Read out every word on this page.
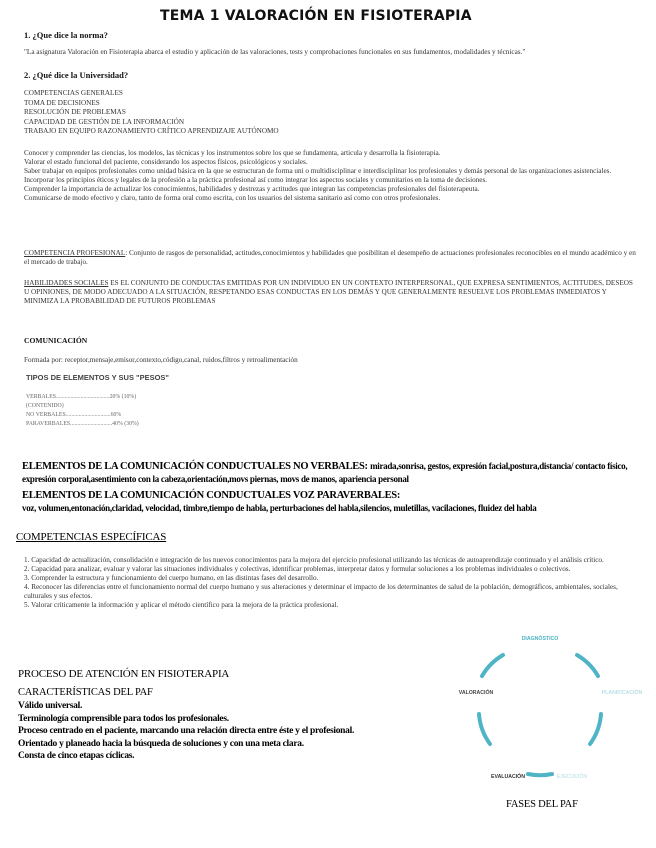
TEMA 1 VALORACIÓN EN FISIOTERAPIA
1. ¿Que dice la norma?
"La asignatura Valoración en Fisioterapia abarca el estudio y aplicación de las valoraciones, tests y comprobaciones funcionales en sus fundamentos, modalidades y técnicas."
2. ¿Qué dice la Universidad?
COMPETENCIAS GENERALES
TOMA DE DECISIONES
RESOLUCIÓN DE PROBLEMAS
CAPACIDAD DE GESTIÓN DE LA INFORMACIÓN
TRABAJO EN EQUIPO RAZONAMIENTO CRÍTICO APRENDIZAJE AUTÓNOMO

Conocer y comprender las ciencias, los modelos, las técnicas y los instrumentos sobre los que se fundamenta, articula y desarrolla la fisioterapia.

Valorar el estado funcional del paciente, considerando los aspectos físicos, psicológicos y sociales.

Saber trabajar en equipos profesionales como unidad básica en la que se estructuran de forma uni o multidisciplinar e interdisciplinar los profesionales y demás personal de las organizaciones asistenciales.

Incorporar los principios éticos y legales de la profesión a la práctica profesional así como integrar los aspectos sociales y comunitarios en la toma de decisiones.

Comprender la importancia de actualizar los conocimientos, habilidades y destrezas y actitudes que integran las competencias profesionales del fisioterapeuta.

Comunicarse de modo efectivo y claro, tanto de forma oral como escrita, con los usuarios del sistema sanitario así como con otros profesionales.

COMPETENCIA PROFESIONAL: Conjunto de rasgos de personalidad, actitudes,conocimientos y habilidades que posibilitan el desempeño de actuaciones profesionales reconocibles en el mundo académico y en el mercado de trabajo.
HABILIDADES SOCIALES ES EL CONJUNTO DE CONDUCTAS EMITIDAS POR UN INDIVIDUO EN UN CONTEXTO INTERPERSONAL, QUE EXPRESA SENTIMIENTOS, ACTITUDES, DESEOS U OPINIONES, DE MODO ADECUADO A LA SITUACIÓN, RESPETANDO ESAS CONDUCTAS EN LOS DEMÁS Y QUE GENERALMENTE RESUELVE LOS PROBLEMAS INMEDIATOS Y MINIMIZA LA PROBABILIDAD DE FUTUROS PROBLEMAS
COMUNICACIÓN
Formada por: receptor,mensaje,emisor,contexto,código,canal, ruidos,filtros y retroalimentación
TIPOS DE ELEMENTOS Y SUS "PESOS"
VERBALES.....................................20% (10%)
(CONTENIDO)
NO VERBALES...............................60%
PARAVERBALES.............................40% (30%)
ELEMENTOS DE LA COMUNICACIÓN CONDUCTUALES NO VERBALES: mirada,sonrisa, gestos, expresión facial,postura,distancia/ contacto físico, expresión corporal,asentimiento con la cabeza,orientación,movs piernas, movs de manos, apariencia personal
ELEMENTOS DE LA COMUNICACIÓN CONDUCTUALES VOZ PARAVERBALES:
voz, volumen,entonación,claridad, velocidad, timbre,tiempo de habla, perturbaciones del habla,silencios, muletillas, vacilaciones, fluidez del habla
COMPETENCIAS ESPECÍFICAS

1. Capacidad de actualización, consolidación e integración de los nuevos conocimientos para la mejora del ejercicio profesional utilizando las técnicas de autoaprendizaje continuado y el análisis crítico.

2. Capacidad para analizar, evaluar y valorar las situaciones individuales y colectivas, identificar problemas, interpretar datos y formular soluciones a los problemas individuales o colectivos.

3. Comprender la estructura y funcionamiento del cuerpo humano, en las distintas fases del desarrollo.

4. Reconocer las diferencias entre el funcionamiento normal del cuerpo humano y sus alteraciones y determinar el impacto de los determinantes de salud de la población, demográficos, ambientales, sociales, culturales y sus efectos.

5. Valorar críticamente la información y aplicar el método científico para la mejora de la práctica profesional.

PROCESO DE ATENCIÓN EN FISIOTERAPIA
CARACTERÍSTICAS DEL PAF
Válido universal.
Terminología comprensible para todos los profesionales.
Proceso centrado en el paciente, marcando una relación directa entre éste y el profesional.
Orientado y planeado hacia la búsqueda de soluciones y con una meta clara.
Consta de cinco etapas cíclicas.
DIAGNÓSTICO
PLANIFICACIÓN
EJECUCIÓN
EVALUACIÓN
VALORACIÓN
FASES DEL PAF
